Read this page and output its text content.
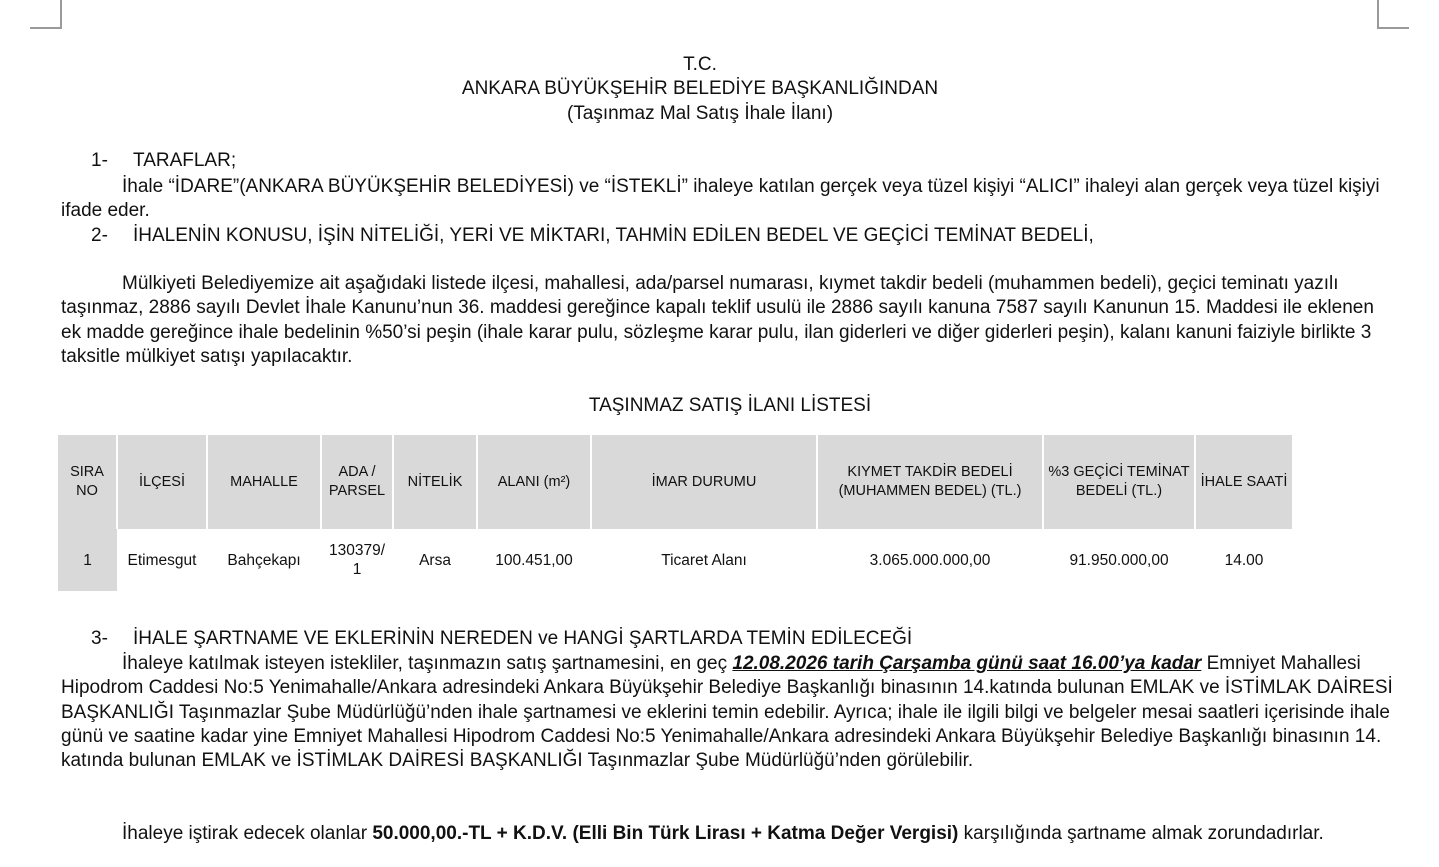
T.C.
ANKARA BÜYÜKŞEHİR BELEDİYE BAŞKANLIĞINDAN
(Taşınmaz Mal Satış İhale İlanı)
1- TARAFLAR;

İhale “İDARE”(ANKARA BÜYÜKŞEHİR BELEDİYESİ) ve “İSTEKLİ” ihaleye katılan gerçek veya tüzel kişiyi “ALICI” ihaleyi alan gerçek veya tüzel kişiyi ifade eder.

2- İHALENİN KONUSU, İŞİN NİTELİĞİ, YERİ VE MİKTARI, TAHMİN EDİLEN BEDEL VE GEÇİCİ TEMİNAT BEDELİ,

Mülkiyeti Belediyemize ait aşağıdaki listede ilçesi, mahallesi, ada/parsel numarası, kıymet takdir bedeli (muhammen bedeli), geçici teminatı yazılı taşınmaz, 2886 sayılı Devlet İhale Kanunu’nun 36. maddesi gereğince kapalı teklif usulü ile 2886 sayılı kanuna 7587 sayılı Kanunun 15. Maddesi ile eklenen ek madde gereğince ihale bedelinin %50’si peşin (ihale karar pulu, sözleşme karar pulu, ilan giderleri ve diğer giderleri peşin), kalanı kanuni faiziyle birlikte 3 taksitle mülkiyet satışı yapılacaktır.

TAŞINMAZ SATIŞ İLANI LİSTESİ
SIRA NO	İLÇESİ	MAHALLE	ADA / PARSEL	NİTELİK	ALANI (m²)	İMAR DURUMU	KIYMET TAKDİR BEDELİ (MUHAMMEN BEDEL) (TL.)	%3 GEÇİCİ TEMİNAT BEDELİ (TL.)	İHALE SAATİ
1	Etimesgut	Bahçekapı	130379/1	Arsa	100.451,00	Ticaret Alanı	3.065.000.000,00	91.950.000,00	14.00
3- İHALE ŞARTNAME VE EKLERİNİN NEREDEN ve HANGİ ŞARTLARDA TEMİN EDİLECEĞİ

İhaleye katılmak isteyen istekliler, taşınmazın satış şartnamesini, en geç 12.08.2026 tarih Çarşamba günü saat 16.00’ya kadar Emniyet Mahallesi Hipodrom Caddesi No:5 Yenimahalle/Ankara adresindeki Ankara Büyükşehir Belediye Başkanlığı binasının 14.katında bulunan EMLAK ve İSTİMLAK DAİRESİ BAŞKANLIĞI Taşınmazlar Şube Müdürlüğü’nden ihale şartnamesi ve eklerini temin edebilir. Ayrıca; ihale ile ilgili bilgi ve belgeler mesai saatleri içerisinde ihale günü ve saatine kadar yine Emniyet Mahallesi Hipodrom Caddesi No:5 Yenimahalle/Ankara adresindeki Ankara Büyükşehir Belediye Başkanlığı binasının 14. katında bulunan EMLAK ve İSTİMLAK DAİRESİ BAŞKANLIĞI Taşınmazlar Şube Müdürlüğü’nden görülebilir.

İhaleye iştirak edecek olanlar 50.000,00.-TL + K.D.V. (Elli Bin Türk Lirası + Katma Değer Vergisi) karşılığında şartname almak zorundadırlar.
